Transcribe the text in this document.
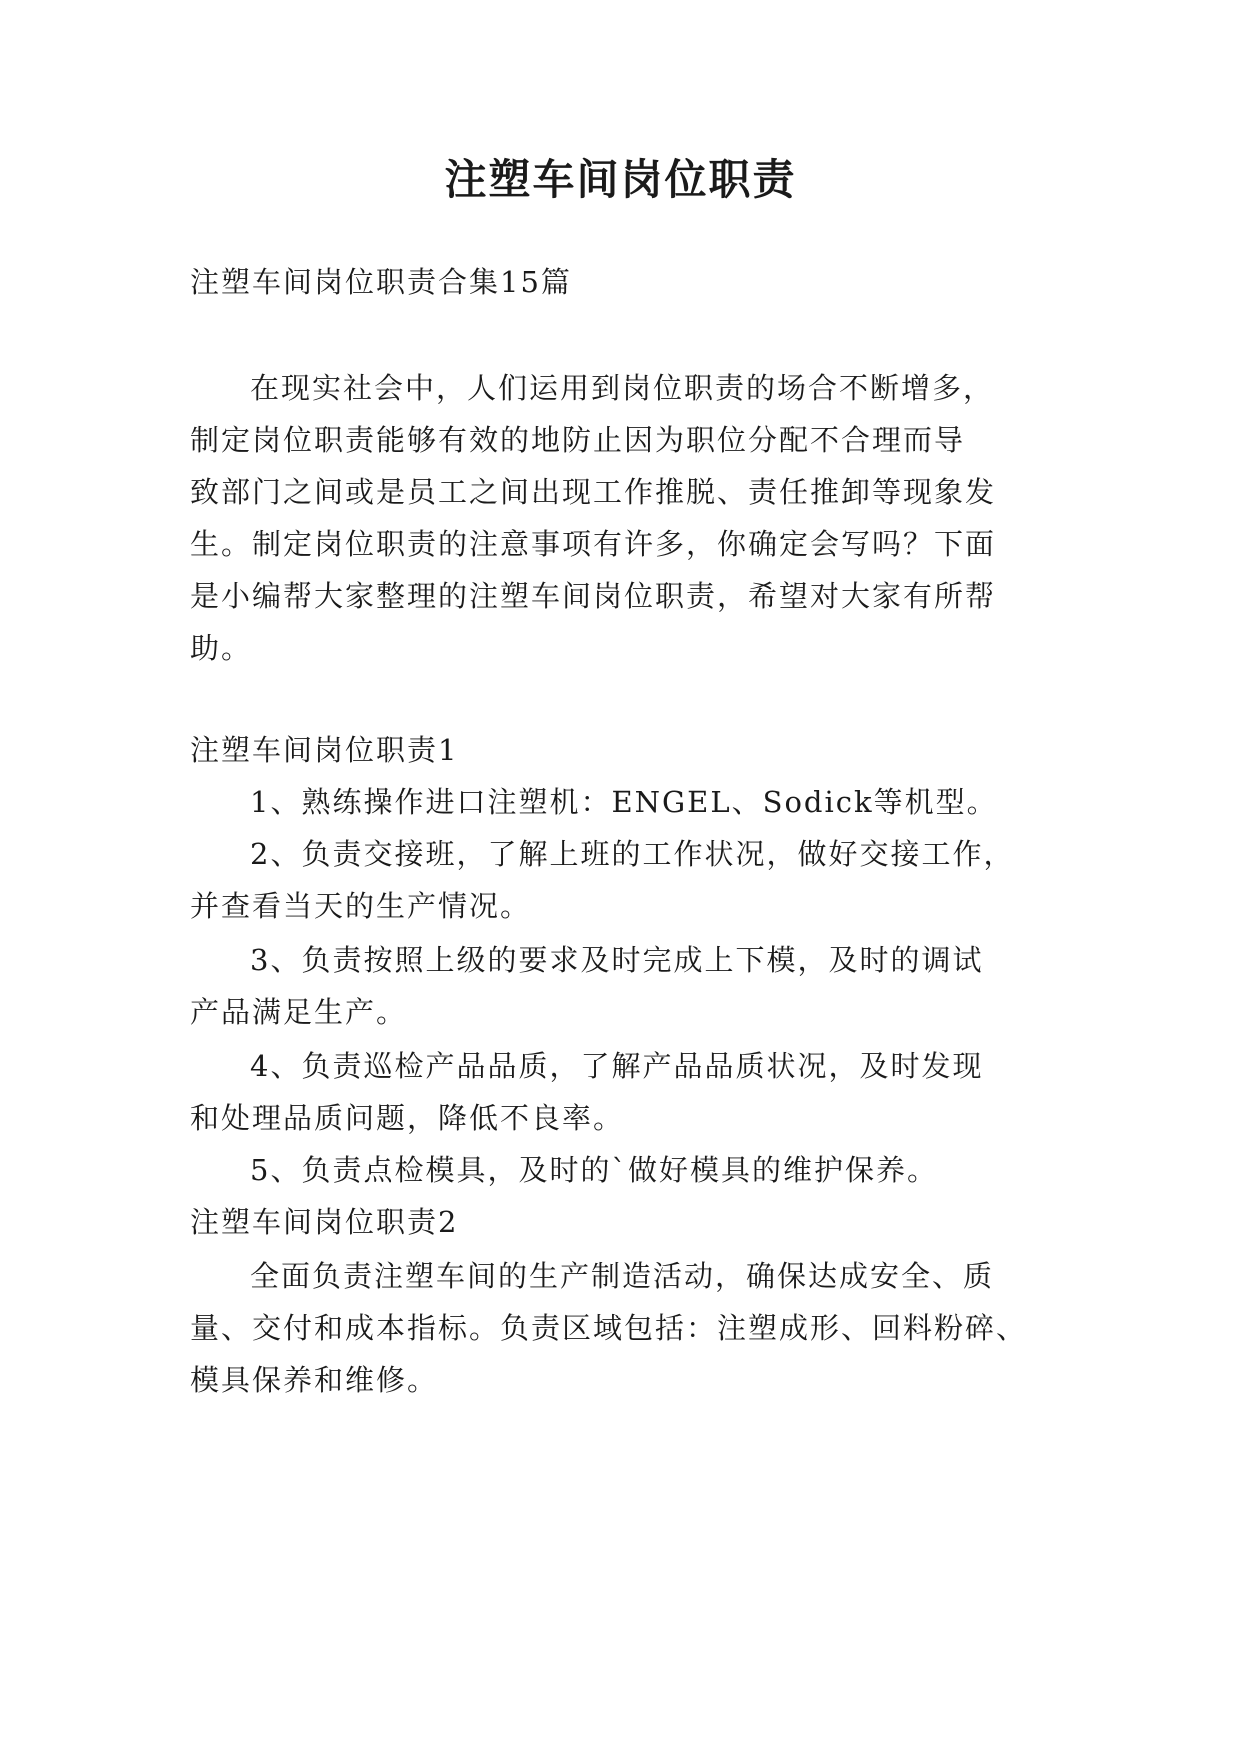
注塑车间岗位职责
注塑车间岗位职责合集15篇
在现实社会中，人们运用到岗位职责的场合不断增多，
制定岗位职责能够有效的地防止因为职位分配不合理而导
致部门之间或是员工之间出现工作推脱、责任推卸等现象发
生。制定岗位职责的注意事项有许多，你确定会写吗？下面
是小编帮大家整理的注塑车间岗位职责，希望对大家有所帮
助。
注塑车间岗位职责1
1、熟练操作进口注塑机：ENGEL、Sodick等机型。
2、负责交接班，了解上班的工作状况，做好交接工作，
并查看当天的生产情况。
3、负责按照上级的要求及时完成上下模，及时的调试
产品满足生产。
4、负责巡检产品品质，了解产品品质状况，及时发现
和处理品质问题，降低不良率。
5、负责点检模具，及时的`做好模具的维护保养。
注塑车间岗位职责2
全面负责注塑车间的生产制造活动，确保达成安全、质
量、交付和成本指标。负责区域包括：注塑成形、回料粉碎、
模具保养和维修。
